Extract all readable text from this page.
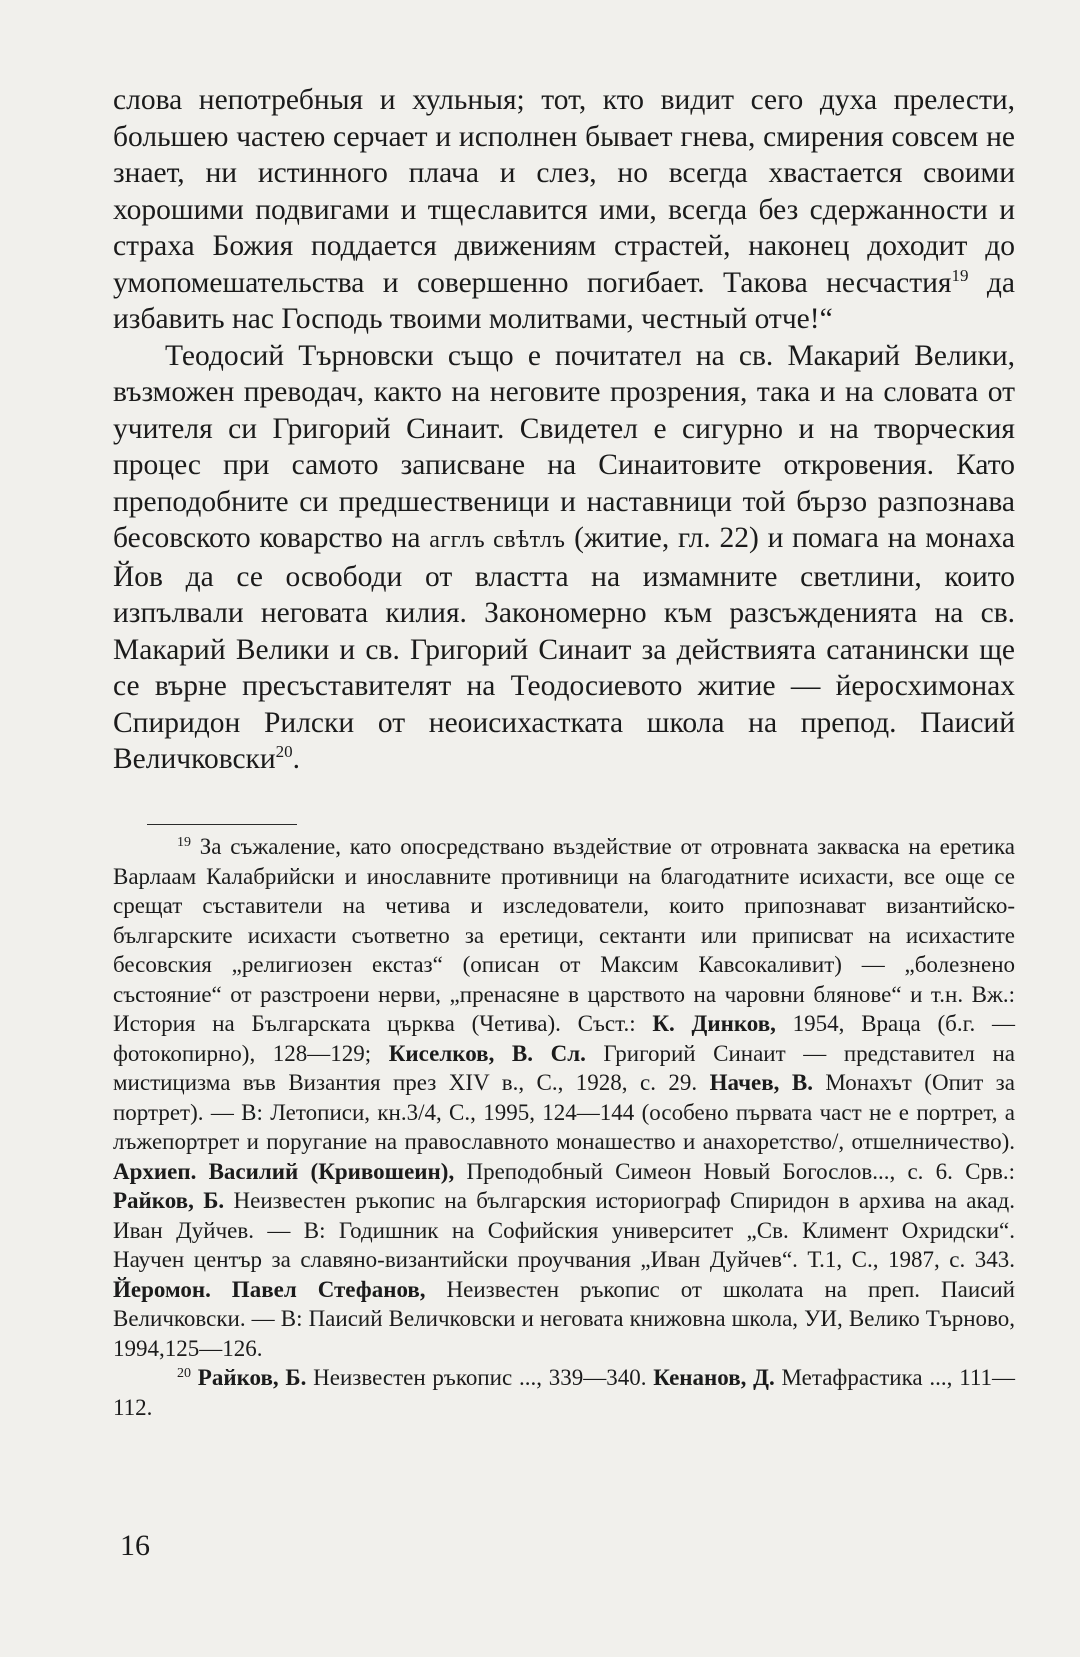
слова непотребныя и хульныя; тот, кто видит сего духа прелести, большею частею серчает и исполнен бывает гнева, смирения совсем не знает, ни истинного плача и слез, но всегда хвастается своими хорошими подвигами и тщеславится ими, всегда без сдержанности и страха Божия поддается движениям страстей, наконец доходит до умопомешательства и совершенно погибает. Такова несчастия$^{19}$ да избавить нас Господь твоими молитвами, честный отче!“

Теодосий Търновски също е почитател на св. Макарий Велики, възможен преводач, както на неговите прозрения, така и на словата от учителя си Григорий Синаит. Свидетел е сигурно и на творческия процес при самото записване на Синаитовите откровения. Като преподобните си предшественици и наставници той бързо разпознава бесовското коварство на агглъ свѣтлъ (житие, гл. 22) и помага на монаха Йов да се освободи от властта на измамните светлини, които изпълвали неговата килия. Закономерно към разсъжденията на св. Макарий Велики и св. Григорий Синаит за действията сатанински ще се върне пресъставителят на Теодосиевото житие — йеросхимонах Спиридон Рилски от неоисихастката школа на препод. Паисий Величковски$^{20}$.

$^{19}$ За съжаление, като опосредствано въздействие от отровната закваска на еретика Варлаам Калабрийски и инославните противници на благодатните исихасти, все още се срещат съставители на четива и изследователи, които припознават византийско-българските исихасти съответно за еретици, сектанти или приписват на исихастите бесовския „религиозен екстаз“ (описан от Максим Кавсокаливит) — „болезнено състояние“ от разстроени нерви, „пренасяне в царството на чаровни блянове“ и т.н. Вж.: История на Българската църква (Четива). Съст.: К. Динков, 1954, Враца (б.г. —фотокопирно), 128—129; Киселков, В. Сл. Григорий Синаит — представител на мистицизма във Византия през XIV в., С., 1928, с. 29. Начев, В. Монахът (Опит за портрет). — В: Летописи, кн.3/4, С., 1995, 124—144 (особено първата част не е портрет, а лъжепортрет и поругание на православното монашество и анахоретство/, отшелничество). Архиеп. Василий (Кривошеин), Преподобный Симеон Новый Богослов..., с. 6. Срв.: Райков, Б. Неизвестен ръкопис на българския историограф Спиридон в архива на акад. Иван Дуйчев. — В: Годишник на Софийския университет „Св. Климент Охридски“. Научен център за славяно-византийски проучвания „Иван Дуйчев“. Т.1, С., 1987, с. 343. Йеромон. Павел Стефанов, Неизвестен ръкопис от школата на преп. Паисий Величковски. — В: Паисий Величковски и неговата книжовна школа, УИ, Велико Търново, 1994,125—126.

$^{20}$ Райков, Б. Неизвестен ръкопис ..., 339—340. Кенанов, Д. Метафрастика ..., 111—112.

16
